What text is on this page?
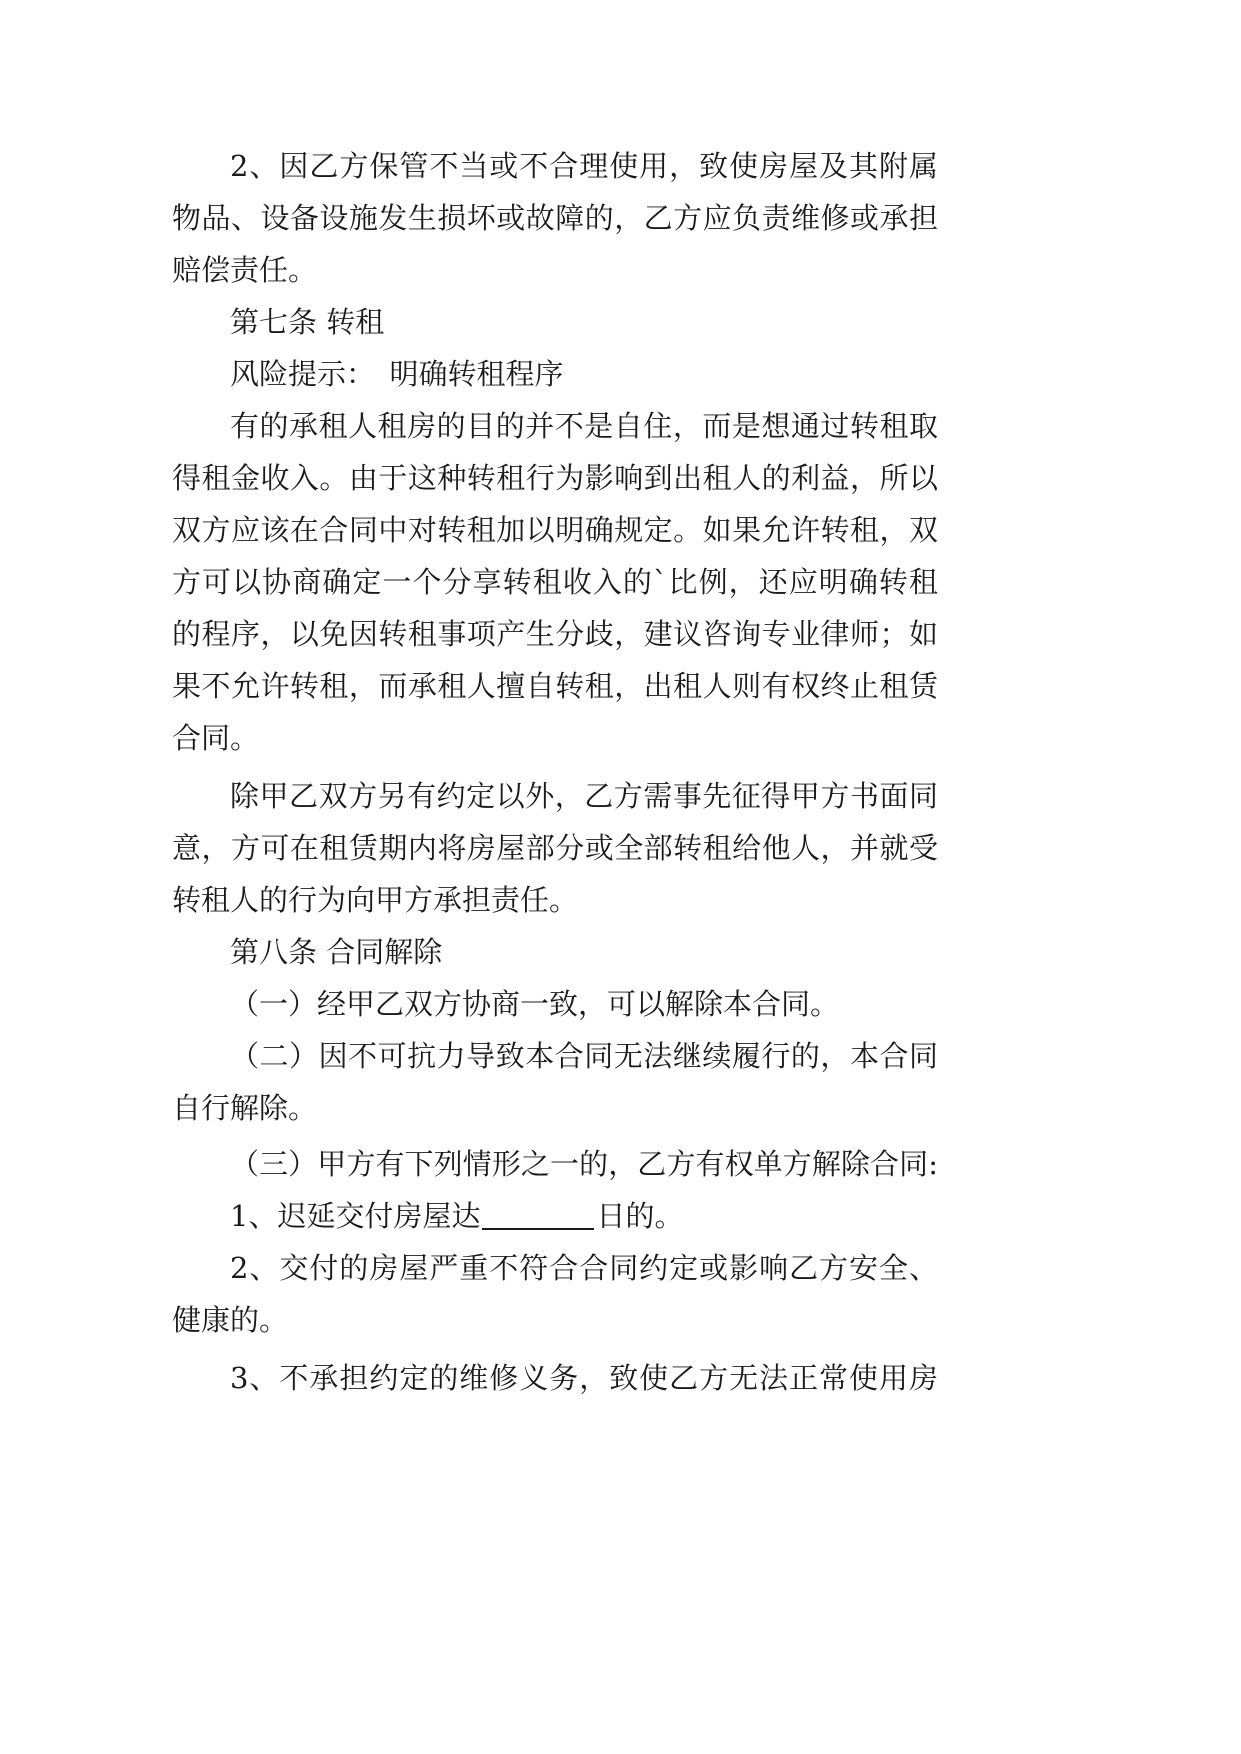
2、因乙方保管不当或不合理使用，致使房屋及其附属
物品、设备设施发生损坏或故障的，乙方应负责维修或承担
赔偿责任。
第七条 转租
风险提示：　明确转租程序
有的承租人租房的目的并不是自住，而是想通过转租取
得租金收入。由于这种转租行为影响到出租人的利益，所以
双方应该在合同中对转租加以明确规定。如果允许转租，双
方可以协商确定一个分享转租收入的`比例，还应明确转租
的程序，以免因转租事项产生分歧，建议咨询专业律师；如
果不允许转租，而承租人擅自转租，出租人则有权终止租赁
合同。
除甲乙双方另有约定以外，乙方需事先征得甲方书面同
意，方可在租赁期内将房屋部分或全部转租给他人，并就受
转租人的行为向甲方承担责任。
第八条 合同解除
（一）经甲乙双方协商一致，可以解除本合同。
（二）因不可抗力导致本合同无法继续履行的，本合同
自行解除。
（三）甲方有下列情形之一的，乙方有权单方解除合同:
1、迟延交付房屋达	日的。
2、交付的房屋严重不符合合同约定或影响乙方安全、
健康的。
3、不承担约定的维修义务，致使乙方无法正常使用房
